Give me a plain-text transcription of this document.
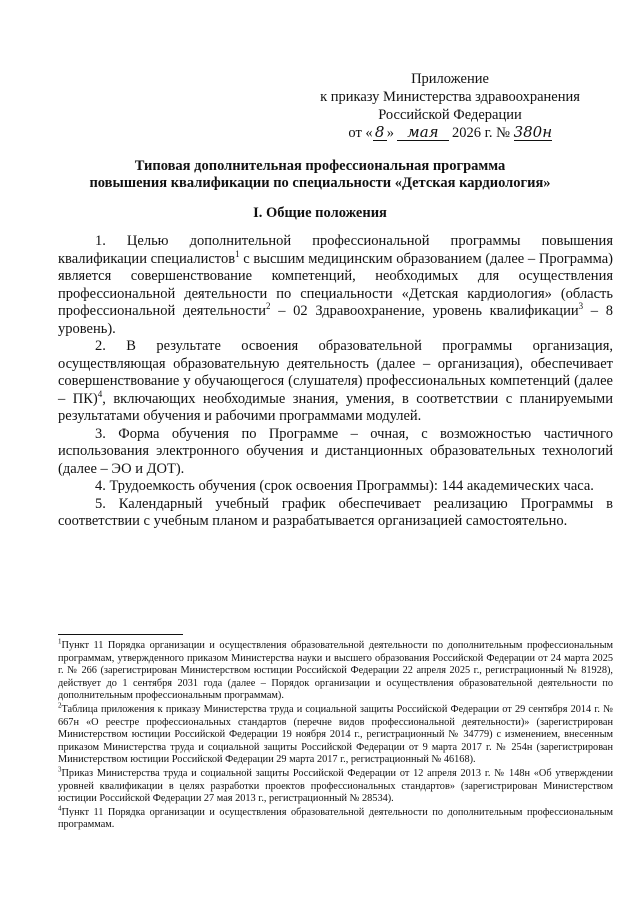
Приложение
к приказу Министерства здравоохранения
Российской Федерации
от « 8 » мая 2026 г. № 380н
Типовая дополнительная профессиональная программа
повышения квалификации по специальности «Детская кардиология»
I. Общие положения

1. Целью дополнительной профессиональной программы повышения квалификации специалистов$^1$ с высшим медицинским образованием (далее – Программа) является совершенствование компетенций, необходимых для осуществления профессиональной деятельности по специальности «Детская кардиология» (область профессиональной деятельности$^2$ – 02 Здравоохранение, уровень квалификации$^3$ – 8 уровень).

2. В результате освоения образовательной программы организация, осуществляющая образовательную деятельность (далее – организация), обеспечивает совершенствование у обучающегося (слушателя) профессиональных компетенций (далее – ПК)$^4$, включающих необходимые знания, умения, в соответствии с планируемыми результатами обучения и рабочими программами модулей.

3. Форма обучения по Программе – очная, с возможностью частичного использования электронного обучения и дистанционных образовательных технологий (далее – ЭО и ДОТ).

4. Трудоемкость обучения (срок освоения Программы): 144 академических часа.

5. Календарный учебный график обеспечивает реализацию Программы в соответствии с учебным планом и разрабатывается организацией самостоятельно.

$^1$Пункт 11 Порядка организации и осуществления образовательной деятельности по дополнительным профессиональным программам, утвержденного приказом Министерства науки и высшего образования Российской Федерации от 24 марта 2025 г. № 266 (зарегистрирован Министерством юстиции Российской Федерации 22 апреля 2025 г., регистрационный № 81928), действует до 1 сентября 2031 года (далее – Порядок организации и осуществления образовательной деятельности по дополнительным профессиональным программам).

$^2$Таблица приложения к приказу Министерства труда и социальной защиты Российской Федерации от 29 сентября 2014 г. № 667н «О реестре профессиональных стандартов (перечне видов профессиональной деятельности)» (зарегистрирован Министерством юстиции Российской Федерации 19 ноября 2014 г., регистрационный № 34779) с изменением, внесенным приказом Министерства труда и социальной защиты Российской Федерации от 9 марта 2017 г. № 254н (зарегистрирован Министерством юстиции Российской Федерации 29 марта 2017 г., регистрационный № 46168).

$^3$Приказ Министерства труда и социальной защиты Российской Федерации от 12 апреля 2013 г. № 148н «Об утверждении уровней квалификации в целях разработки проектов профессиональных стандартов» (зарегистрирован Министерством юстиции Российской Федерации 27 мая 2013 г., регистрационный № 28534).

$^4$Пункт 11 Порядка организации и осуществления образовательной деятельности по дополнительным профессиональным программам.
